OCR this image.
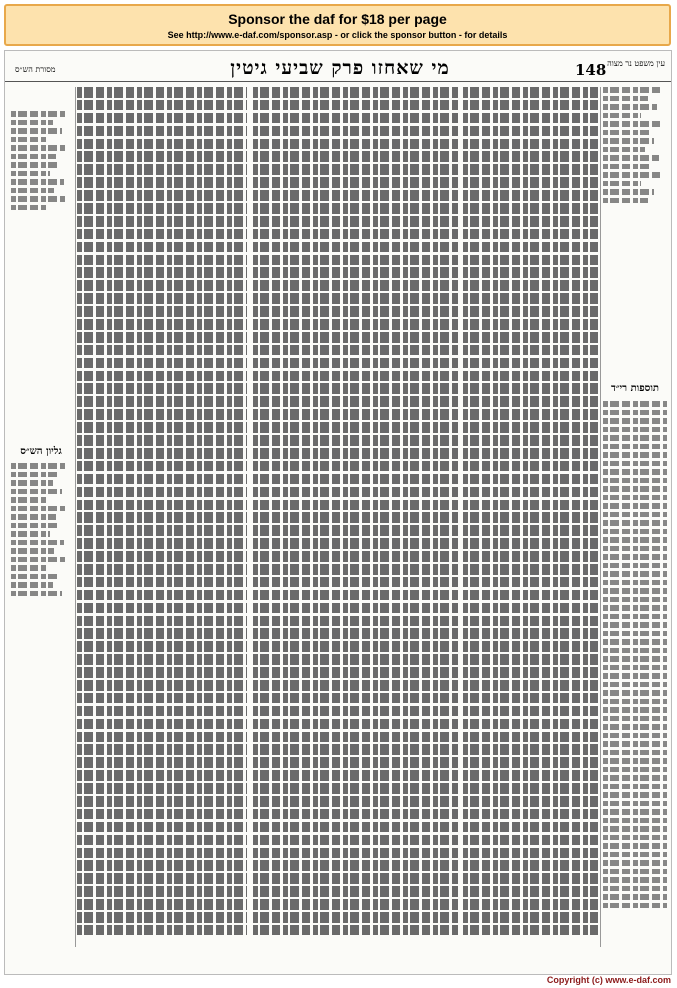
Sponsor the daf for $18 per page
See http://www.e-daf.com/sponsor.asp - or click the sponsor button - for details
מסורת הש״ס	מי שאחזו פרק שביעי גיטין	148 עין משפט נר מצוה
גליון הש״ס
תוספות רי״ד
Copyright (c) www.e-daf.com
